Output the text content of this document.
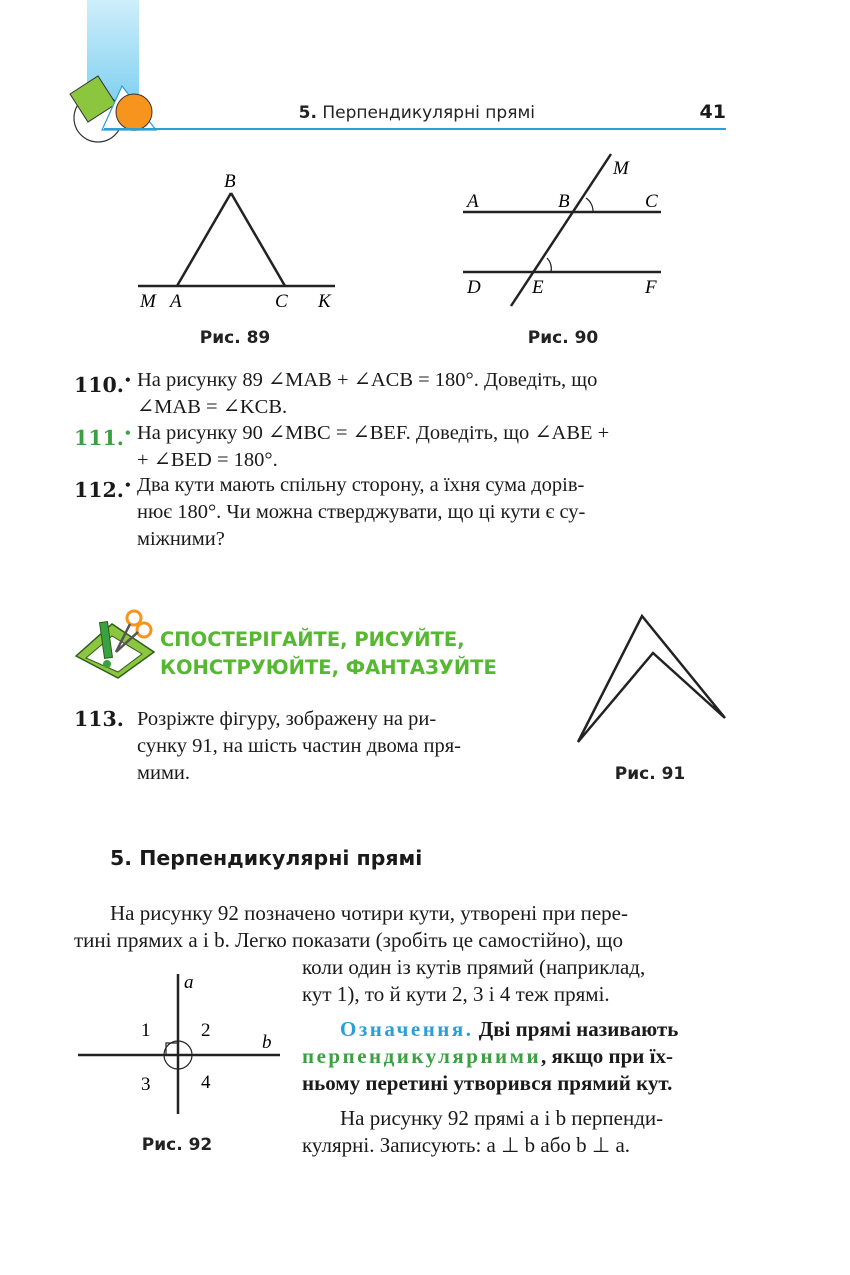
5. Перпендикулярні прямі	41
B
M A	C K
Рис. 89
M
A	B	C
D	E	F
Рис. 90
110.• На рисунку 89 ∠MAB + ∠ACB = 180°. Доведіть, що
∠MAB = ∠KCB.
111.• На рисунку 90 ∠MBC = ∠BEF. Доведіть, що ∠ABE +
+ ∠BED = 180°.
112.• Два кути мають спільну сторону, а їхня сума дорів-
нює 180°. Чи можна стверджувати, що ці кути є су-
міжними?
СПОСТЕРІГАЙТЕ, РИСУЙТЕ,
КОНСТРУЮЙТЕ, ФАНТАЗУЙТЕ
Рис. 91
113. Розріжте фігуру, зображену на ри-
сунку 91, на шість частин двома пря-
мими.
5. Перпендикулярні прямі
На рисунку 92 позначено чотири кути, утворені при пере-
тині прямих a і b. Легко показати (зробіть це самостійно), що
коли один із кутів прямий (наприклад,
кут 1), то й кути 2, 3 і 4 теж прямі.
a
b
1	2
3	4
Рис. 92
Означення. Дві прямі називають
перпендикулярними, якщо при їх-
ньому перетині утворився прямий кут.
На рисунку 92 прямі a і b перпенди-
кулярні. Записують: a ⊥ b або b ⊥ a.
